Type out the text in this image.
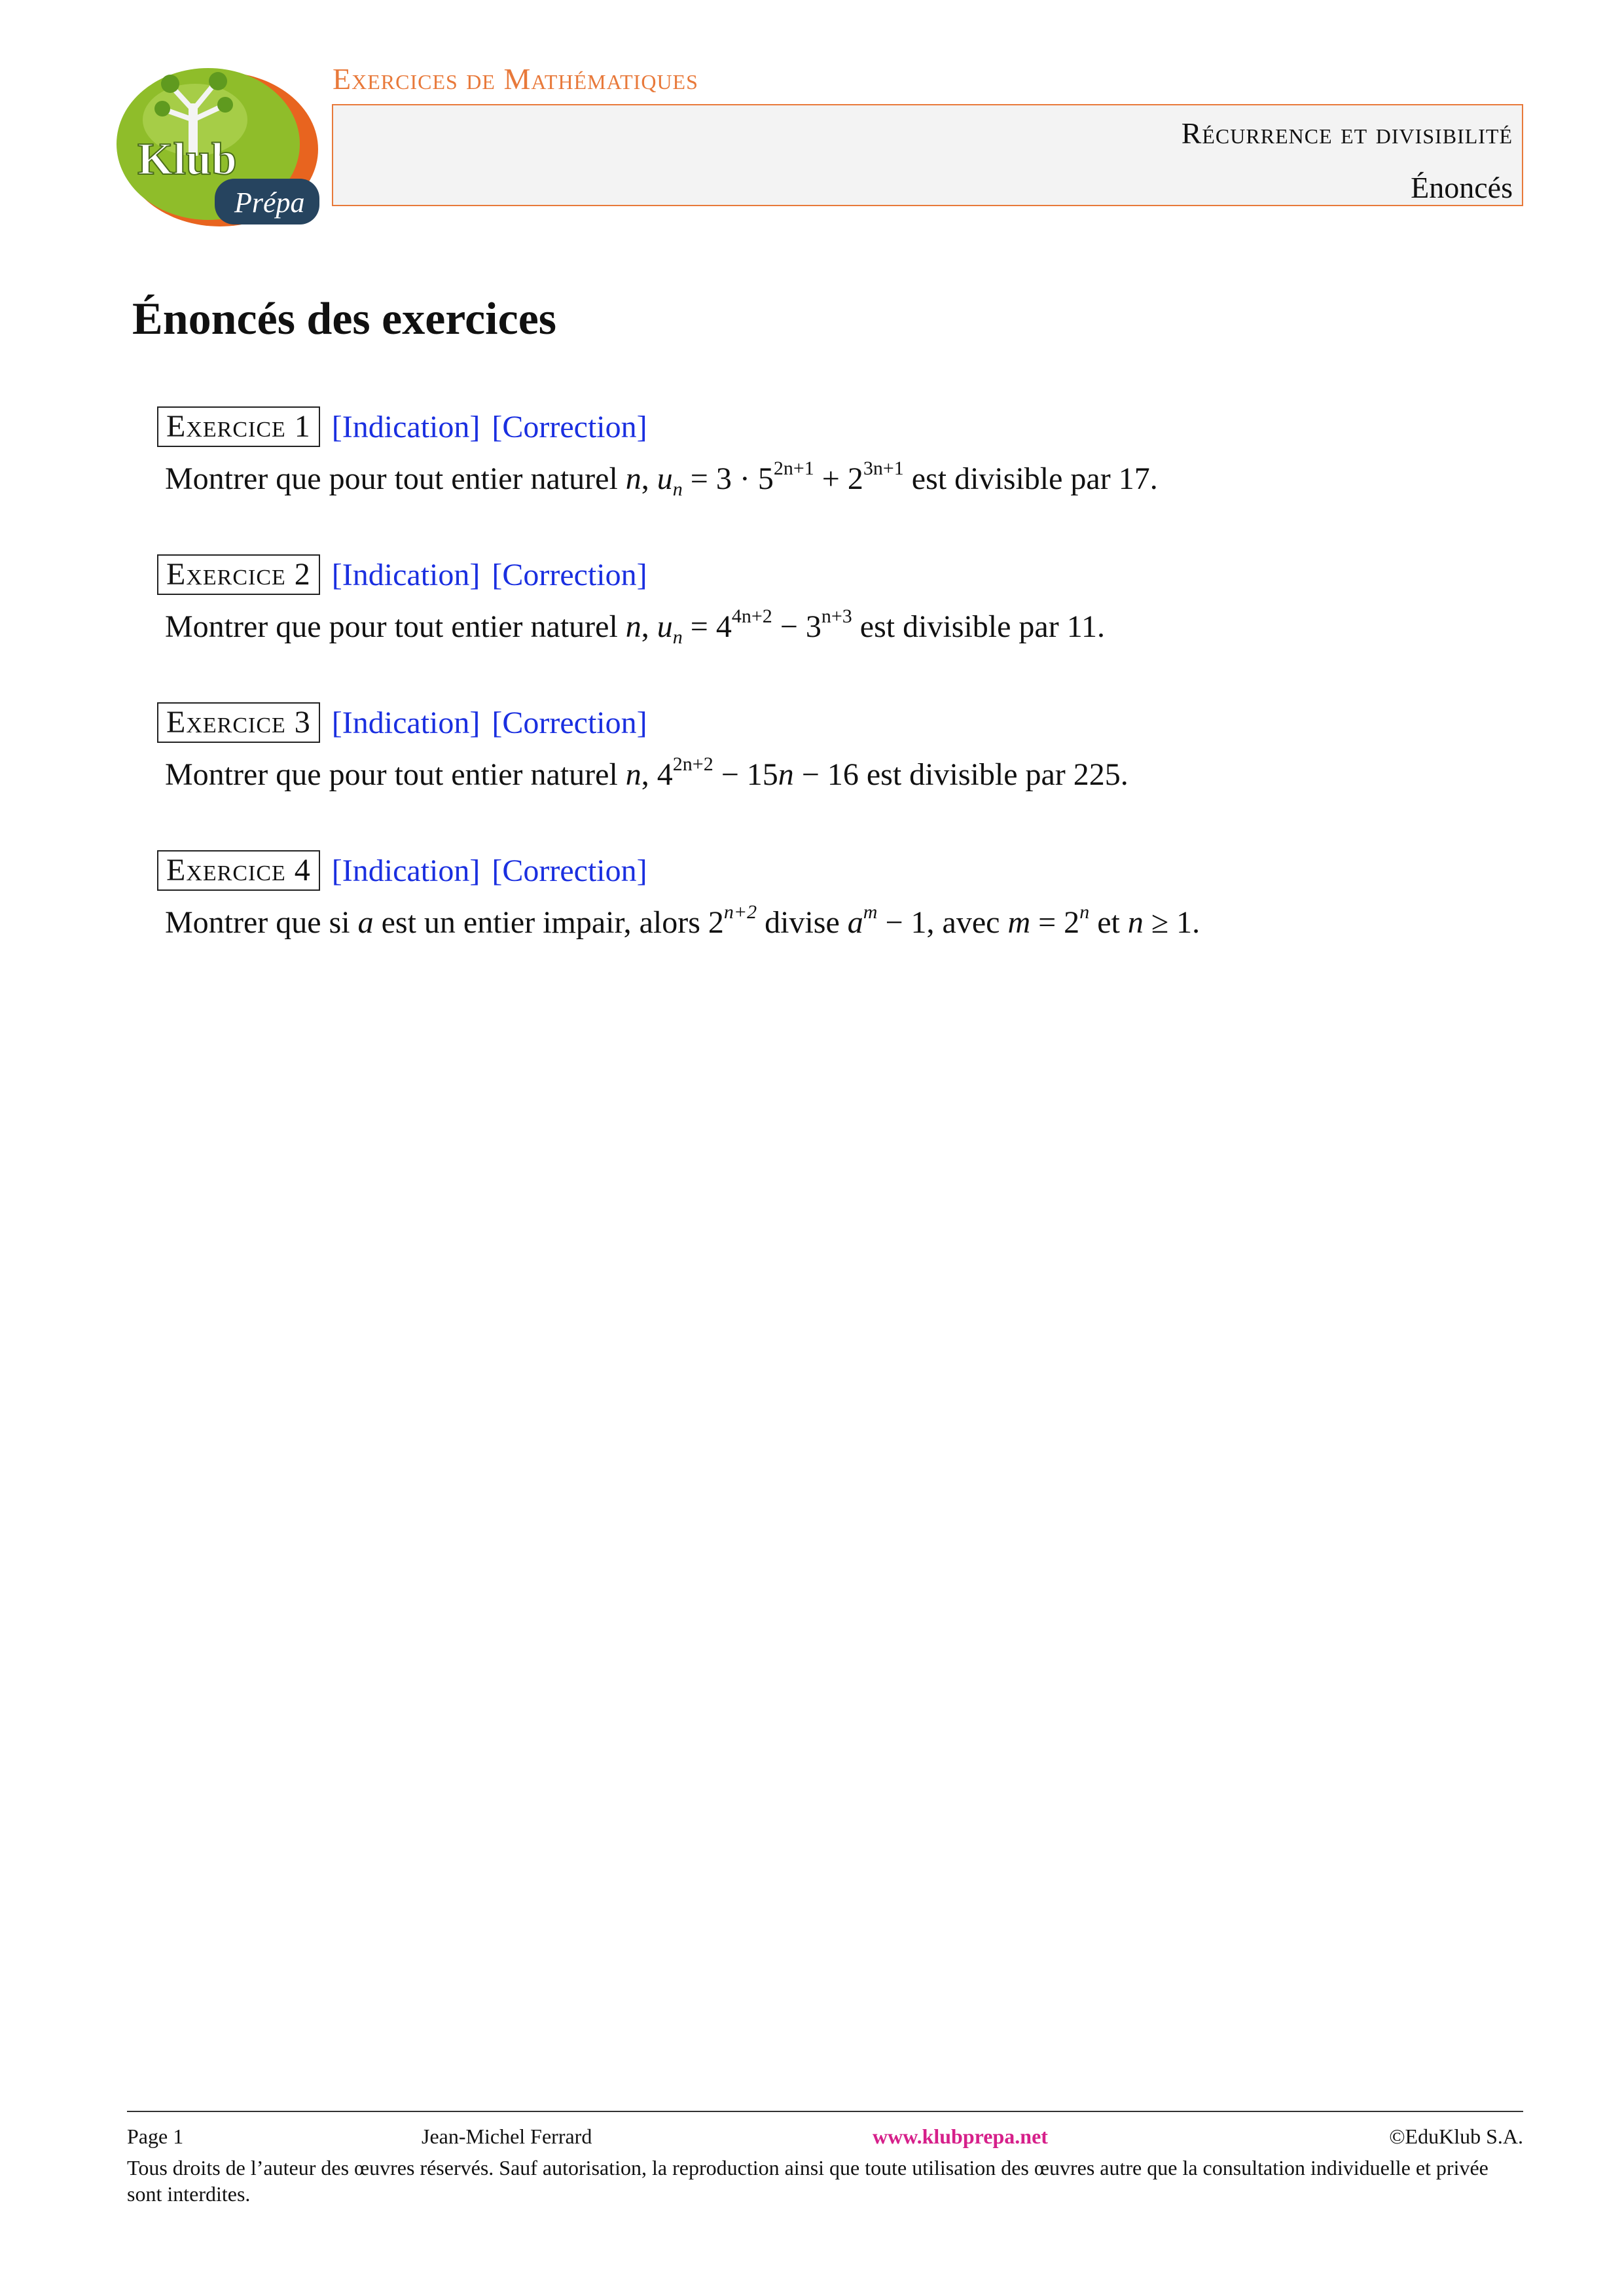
Klub
Prépa
Exercices de Mathématiques
Récurrence et divisibilité
Énoncés
Énoncés des exercices
Exercice 1 [Indication] [Correction]
Montrer que pour tout entier naturel n, $u_n = 3 \cdot 5^{2n+1} + 2^{3n+1}$ est divisible par 17.
Exercice 2 [Indication] [Correction]
Montrer que pour tout entier naturel n, $u_n = 4^{4n+2} - 3^{n+3}$ est divisible par 11.
Exercice 3 [Indication] [Correction]
Montrer que pour tout entier naturel n, $4^{2n+2} - 15n - 16$ est divisible par 225.
Exercice 4 [Indication] [Correction]
Montrer que si a est un entier impair, alors $2^{n+2}$ divise $a^m - 1$, avec $m = 2^n$ et n ≥ 1.
Page 1	Jean-Michel Ferrard	www.klubprepa.net	©EduKlub S.A.
Tous droits de l’auteur des œuvres réservés. Sauf autorisation, la reproduction ainsi que toute utilisation des œuvres autre que la consultation individuelle et privée sont interdites.
